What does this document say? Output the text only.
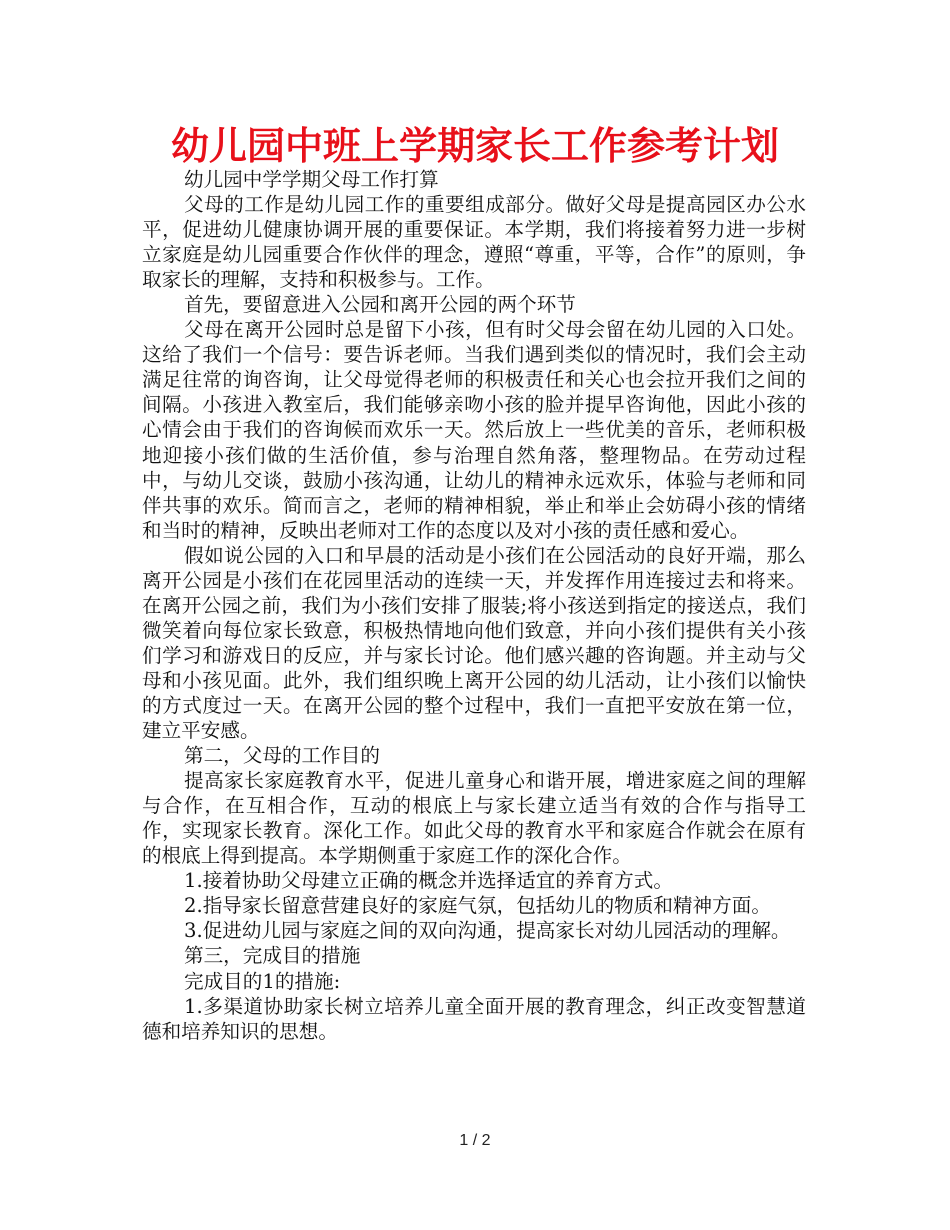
幼儿园中班上学期家长工作参考计划

幼儿园中学学期父母工作打算

父母的工作是幼儿园工作的重要组成部分。做好父母是提高园区办公水平，促进幼儿健康协调开展的重要保证。本学期，我们将接着努力进一步树立家庭是幼儿园重要合作伙伴的理念，遵照“尊重，平等，合作”的原则，争取家长的理解，支持和积极参与。工作。

首先，要留意进入公园和离开公园的两个环节

父母在离开公园时总是留下小孩，但有时父母会留在幼儿园的入口处。这给了我们一个信号：要告诉老师。当我们遇到类似的情况时，我们会主动满足往常的询咨询，让父母觉得老师的积极责任和关心也会拉开我们之间的间隔。小孩进入教室后，我们能够亲吻小孩的脸并提早咨询他，因此小孩的心情会由于我们的咨询候而欢乐一天。然后放上一些优美的音乐，老师积极地迎接小孩们做的生活价值，参与治理自然角落，整理物品。在劳动过程中，与幼儿交谈，鼓励小孩沟通，让幼儿的精神永远欢乐，体验与老师和同伴共事的欢乐。简而言之，老师的精神相貌，举止和举止会妨碍小孩的情绪和当时的精神，反映出老师对工作的态度以及对小孩的责任感和爱心。

假如说公园的入口和早晨的活动是小孩们在公园活动的良好开端，那么离开公园是小孩们在花园里活动的连续一天，并发挥作用连接过去和将来。在离开公园之前，我们为小孩们安排了服装;将小孩送到指定的接送点，我们微笑着向每位家长致意，积极热情地向他们致意，并向小孩们提供有关小孩们学习和游戏日的反应，并与家长讨论。他们感兴趣的咨询题。并主动与父母和小孩见面。此外，我们组织晚上离开公园的幼儿活动，让小孩们以愉快的方式度过一天。在离开公园的整个过程中，我们一直把平安放在第一位，建立平安感。

第二，父母的工作目的

提高家长家庭教育水平，促进儿童身心和谐开展，增进家庭之间的理解与合作，在互相合作，互动的根底上与家长建立适当有效的合作与指导工作，实现家长教育。深化工作。如此父母的教育水平和家庭合作就会在原有的根底上得到提高。本学期侧重于家庭工作的深化合作。

1.接着协助父母建立正确的概念并选择适宜的养育方式。

2.指导家长留意营建良好的家庭气氛，包括幼儿的物质和精神方面。

3.促进幼儿园与家庭之间的双向沟通，提高家长对幼儿园活动的理解。

第三，完成目的措施

完成目的1的措施:

1.多渠道协助家长树立培养儿童全面开展的教育理念，纠正改变智慧道德和培养知识的思想。

1 / 2
